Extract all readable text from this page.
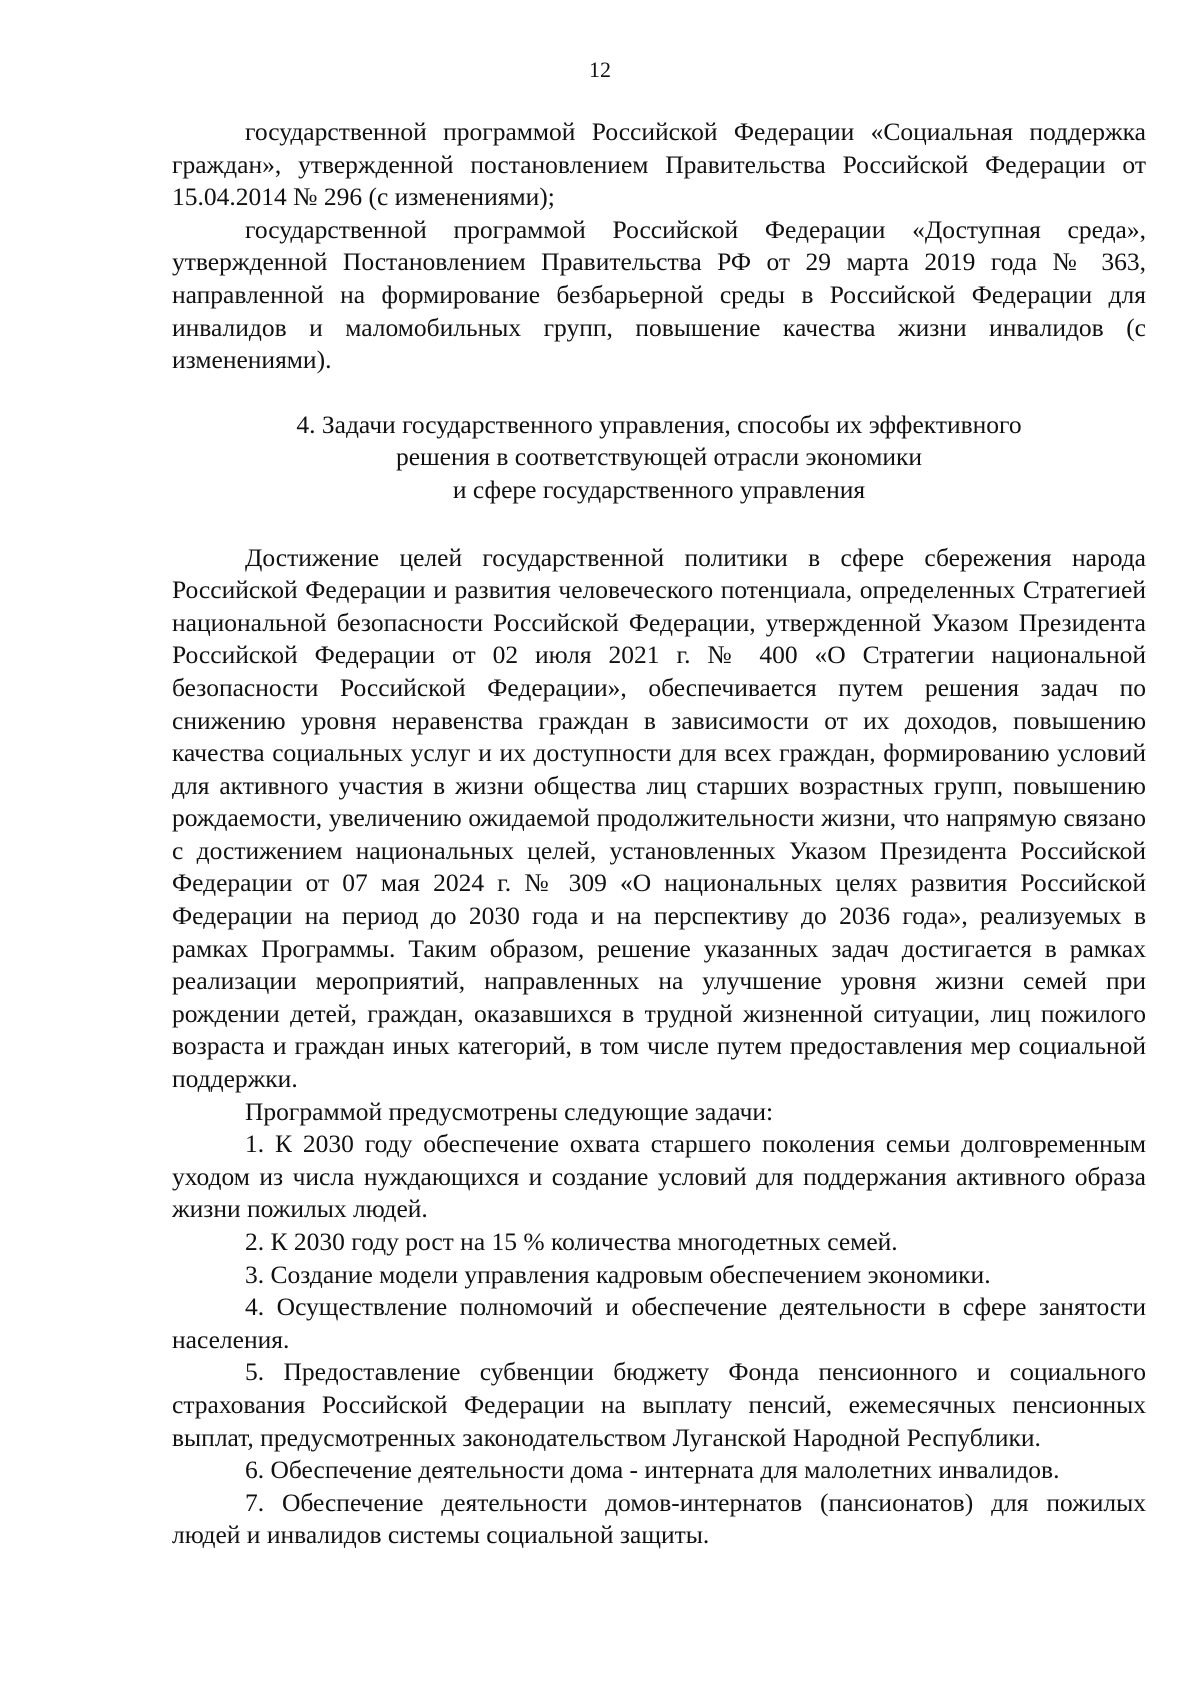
12

государственной программой Российской Федерации «Социальная поддержка граждан», утвержденной постановлением Правительства Российской Федерации от 15.04.2014 № 296 (с изменениями);

государственной программой Российской Федерации «Доступная среда», утвержденной Постановлением Правительства РФ от 29 марта 2019 года № 363, направленной на формирование безбарьерной среды в Российской Федерации для инвалидов и маломобильных групп, повышение качества жизни инвалидов (с изменениями).

4. Задачи государственного управления, способы их эффективного
решения в соответствующей отрасли экономики
и сфере государственного управления

Достижение целей государственной политики в сфере сбережения народа Российской Федерации и развития человеческого потенциала, определенных Стратегией национальной безопасности Российской Федерации, утвержденной Указом Президента Российской Федерации от 02 июля 2021 г. № 400 «О Стратегии национальной безопасности Российской Федерации», обеспечивается путем решения задач по снижению уровня неравенства граждан в зависимости от их доходов, повышению качества социальных услуг и их доступности для всех граждан, формированию условий для активного участия в жизни общества лиц старших возрастных групп, повышению рождаемости, увеличению ожидаемой продолжительности жизни, что напрямую связано с достижением национальных целей, установленных Указом Президента Российской Федерации от 07 мая 2024 г. № 309 «О национальных целях развития Российской Федерации на период до 2030 года и на перспективу до 2036 года», реализуемых в рамках Программы. Таким образом, решение указанных задач достигается в рамках реализации мероприятий, направленных на улучшение уровня жизни семей при рождении детей, граждан, оказавшихся в трудной жизненной ситуации, лиц пожилого возраста и граждан иных категорий, в том числе путем предоставления мер социальной поддержки.

Программой предусмотрены следующие задачи:

1. К 2030 году обеспечение охвата старшего поколения семьи долговременным уходом из числа нуждающихся и создание условий для поддержания активного образа жизни пожилых людей.

2. К 2030 году рост на 15 % количества многодетных семей.

3. Создание модели управления кадровым обеспечением экономики.

4. Осуществление полномочий и обеспечение деятельности в сфере занятости населения.

5. Предоставление субвенции бюджету Фонда пенсионного и социального страхования Российской Федерации на выплату пенсий, ежемесячных пенсионных выплат, предусмотренных законодательством Луганской Народной Республики.

6. Обеспечение деятельности дома - интерната для малолетних инвалидов.

7. Обеспечение деятельности домов-интернатов (пансионатов) для пожилых людей и инвалидов системы социальной защиты.
